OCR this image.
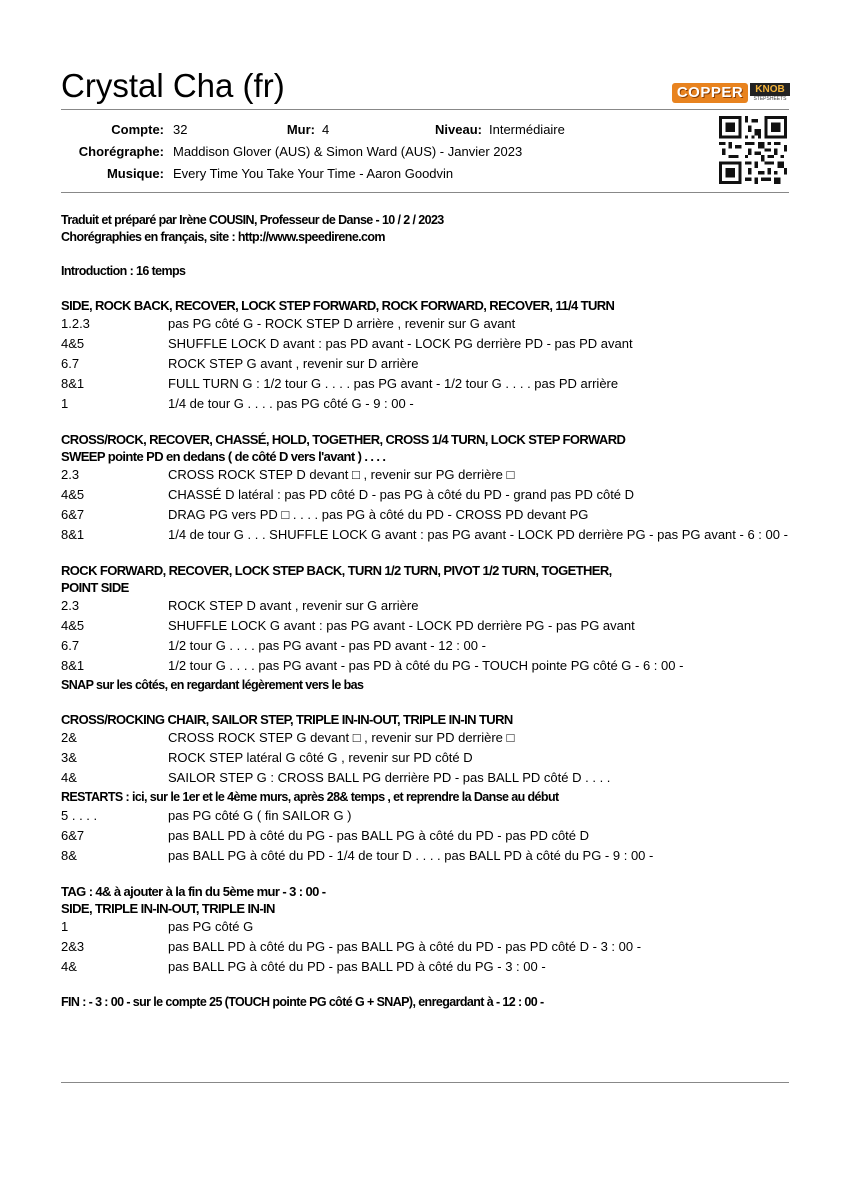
Crystal Cha (fr)	COPPER	KNOB
STEPSHEETS
Compte: 32	Mur: 4	Niveau: Intermédiaire
Chorégraphe: Maddison Glover (AUS) & Simon Ward (AUS) - Janvier 2023
Musique: Every Time You Take Your Time - Aaron Goodvin
Traduit et préparé par Irène COUSIN, Professeur de Danse - 10 / 2 / 2023
Chorégraphies en français, site : http://www.speedirene.com
Introduction : 16 temps
SIDE, ROCK BACK, RECOVER, LOCK STEP FORWARD, ROCK FORWARD, RECOVER, 11/4 TURN
1.2.3	pas PG côté G - ROCK STEP D arrière , revenir sur G avant
4&5	SHUFFLE LOCK D avant : pas PD avant - LOCK PG derrière PD - pas PD avant
6.7	ROCK STEP G avant , revenir sur D arrière
8&1	FULL TURN G : 1/2 tour G . . . . pas PG avant - 1/2 tour G . . . . pas PD arrière
1	1/4 de tour G . . . . pas PG côté G - 9 : 00 -
CROSS/ROCK, RECOVER, CHASSÉ, HOLD, TOGETHER, CROSS 1/4 TURN, LOCK STEP FORWARD
SWEEP pointe PD en dedans ( de côté D vers l'avant ) . . . .
2.3	CROSS ROCK STEP D devant □ , revenir sur PG derrière □
4&5	CHASSÉ D latéral : pas PD côté D - pas PG à côté du PD - grand pas PD côté D
6&7	DRAG PG vers PD □ . . . . pas PG à côté du PD - CROSS PD devant PG
8&1	1/4 de tour G . . . SHUFFLE LOCK G avant : pas PG avant - LOCK PD derrière PG - pas PG avant - 6 : 00 -
ROCK FORWARD, RECOVER, LOCK STEP BACK, TURN 1/2 TURN, PIVOT 1/2 TURN, TOGETHER,
POINT SIDE
2.3	ROCK STEP D avant , revenir sur G arrière
4&5	SHUFFLE LOCK G avant : pas PG avant - LOCK PD derrière PG - pas PG avant
6.7	1/2 tour G . . . . pas PG avant - pas PD avant - 12 : 00 -
8&1	1/2 tour G . . . . pas PG avant - pas PD à côté du PG - TOUCH pointe PG côté G - 6 : 00 -
SNAP sur les côtés, en regardant légèrement vers le bas
CROSS/ROCKING CHAIR, SAILOR STEP, TRIPLE IN-IN-OUT, TRIPLE IN-IN TURN
2&	CROSS ROCK STEP G devant □ , revenir sur PD derrière □
3&	ROCK STEP latéral G côté G , revenir sur PD côté D
4&	SAILOR STEP G : CROSS BALL PG derrière PD - pas BALL PD côté D . . . .
RESTARTS : ici, sur le 1er et le 4ème murs, après 28& temps , et reprendre la Danse au début
5 . . . .	pas PG côté G ( fin SAILOR G )
6&7	pas BALL PD à côté du PG - pas BALL PG à côté du PD - pas PD côté D
8&	pas BALL PG à côté du PD - 1/4 de tour D . . . . pas BALL PD à côté du PG - 9 : 00 -
TAG : 4& à ajouter à la fin du 5ème mur - 3 : 00 -
SIDE, TRIPLE IN-IN-OUT, TRIPLE IN-IN
1	pas PG côté G
2&3	pas BALL PD à côté du PG - pas BALL PG à côté du PD - pas PD côté D - 3 : 00 -
4&	pas BALL PG à côté du PD - pas BALL PD à côté du PG - 3 : 00 -
FIN : - 3 : 00 - sur le compte 25 (TOUCH pointe PG côté G + SNAP), enregardant à - 12 : 00 -
